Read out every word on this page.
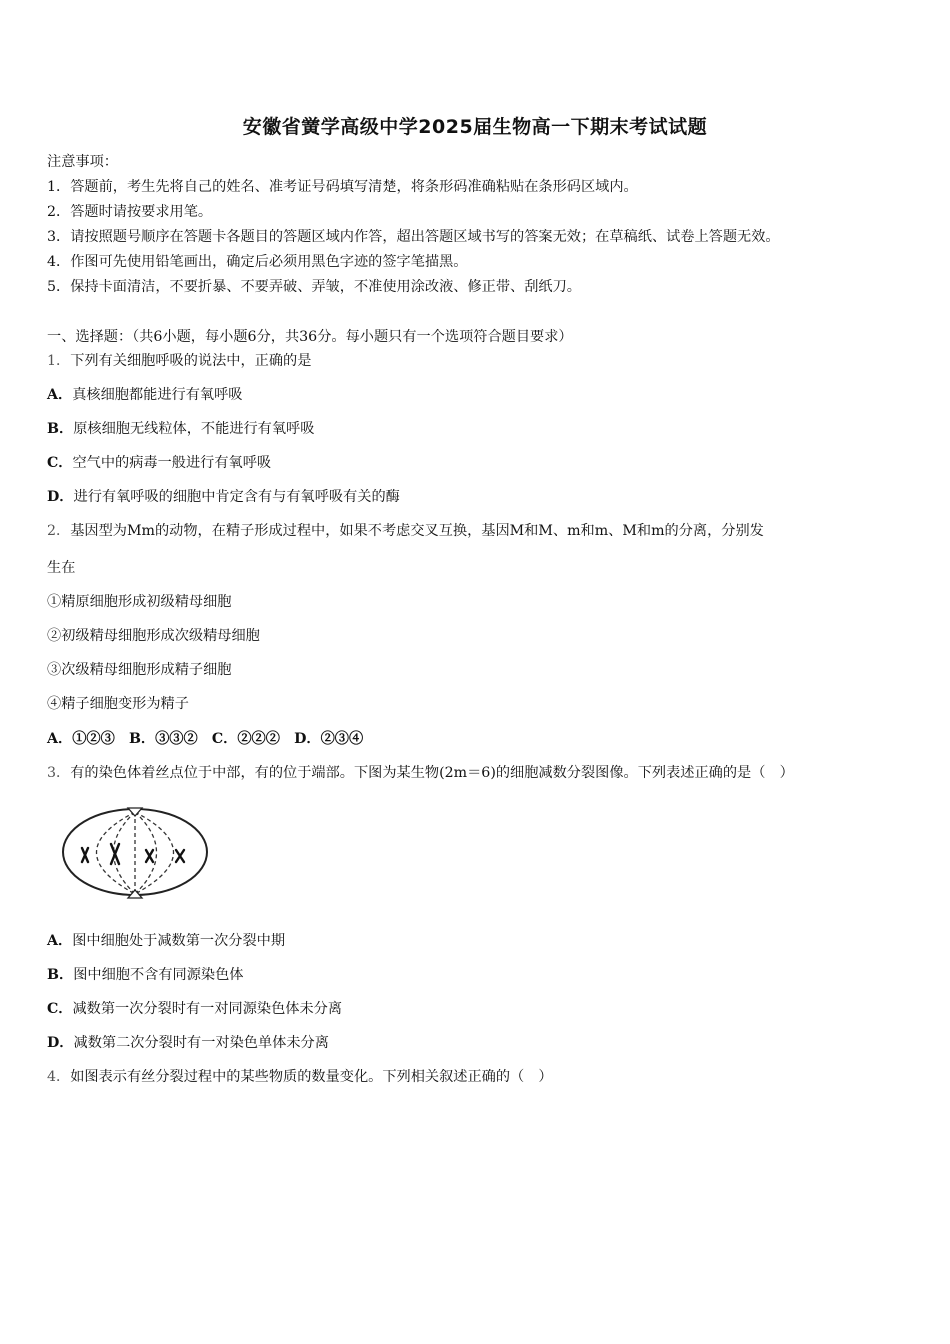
安徽省黉学高级中学2025届生物高一下期末考试试题
注意事项：
1．答题前，考生先将自己的姓名、准考证号码填写清楚，将条形码准确粘贴在条形码区域内。
2．答题时请按要求用笔。
3．请按照题号顺序在答题卡各题目的答题区域内作答，超出答题区域书写的答案无效；在草稿纸、试卷上答题无效。
4．作图可先使用铅笔画出，确定后必须用黑色字迹的签字笔描黑。
5．保持卡面清洁，不要折暴、不要弄破、弄皱，不准使用涂改液、修正带、刮纸刀。
一、选择题：（共6小题，每小题6分，共36分。每小题只有一个选项符合题目要求）
1．下列有关细胞呼吸的说法中，正确的是
A．真核细胞都能进行有氧呼吸
B．原核细胞无线粒体，不能进行有氧呼吸
C．空气中的病毒一般进行有氧呼吸
D．进行有氧呼吸的细胞中肯定含有与有氧呼吸有关的酶
2．基因型为Mm的动物，在精子形成过程中，如果不考虑交叉互换，基因M和M、m和m、M和m的分离，分别发
生在
①精原细胞形成初级精母细胞
②初级精母细胞形成次级精母细胞
③次级精母细胞形成精子细胞
④精子细胞变形为精子
A．①②③　B．③③②　C．②②②　D．②③④
3．有的染色体着丝点位于中部，有的位于端部。下图为某生物(2m＝6)的细胞减数分裂图像。下列表述正确的是（　）
A．图中细胞处于减数第一次分裂中期
B．图中细胞不含有同源染色体
C．减数第一次分裂时有一对同源染色体未分离
D．减数第二次分裂时有一对染色单体未分离
4．如图表示有丝分裂过程中的某些物质的数量变化。下列相关叙述正确的（　）
